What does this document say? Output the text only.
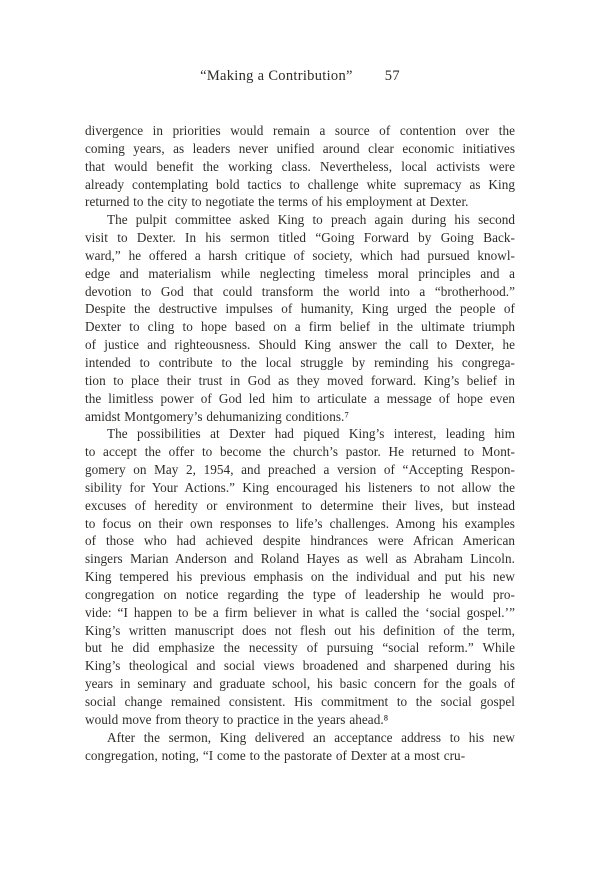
“Making a Contribution” 57
divergence in priorities would remain a source of contention over the
coming years, as leaders never unified around clear economic initiatives
that would benefit the working class. Nevertheless, local activists were
already contemplating bold tactics to challenge white supremacy as King
returned to the city to negotiate the terms of his employment at Dexter.
The pulpit committee asked King to preach again during his second
visit to Dexter. In his sermon titled “Going Forward by Going Back-
ward,” he offered a harsh critique of society, which had pursued knowl-
edge and materialism while neglecting timeless moral principles and a
devotion to God that could transform the world into a “brotherhood.”
Despite the destructive impulses of humanity, King urged the people of
Dexter to cling to hope based on a firm belief in the ultimate triumph
of justice and righteousness. Should King answer the call to Dexter, he
intended to contribute to the local struggle by reminding his congrega-
tion to place their trust in God as they moved forward. King’s belief in
the limitless power of God led him to articulate a message of hope even
amidst Montgomery’s dehumanizing conditions.⁷
The possibilities at Dexter had piqued King’s interest, leading him
to accept the offer to become the church’s pastor. He returned to Mont-
gomery on May 2, 1954, and preached a version of “Accepting Respon-
sibility for Your Actions.” King encouraged his listeners to not allow the
excuses of heredity or environment to determine their lives, but instead
to focus on their own responses to life’s challenges. Among his examples
of those who had achieved despite hindrances were African American
singers Marian Anderson and Roland Hayes as well as Abraham Lincoln.
King tempered his previous emphasis on the individual and put his new
congregation on notice regarding the type of leadership he would pro-
vide: “I happen to be a firm believer in what is called the ‘social gospel.’”
King’s written manuscript does not flesh out his definition of the term,
but he did emphasize the necessity of pursuing “social reform.” While
King’s theological and social views broadened and sharpened during his
years in seminary and graduate school, his basic concern for the goals of
social change remained consistent. His commitment to the social gospel
would move from theory to practice in the years ahead.⁸
After the sermon, King delivered an acceptance address to his new
congregation, noting, “I come to the pastorate of Dexter at a most cru-
